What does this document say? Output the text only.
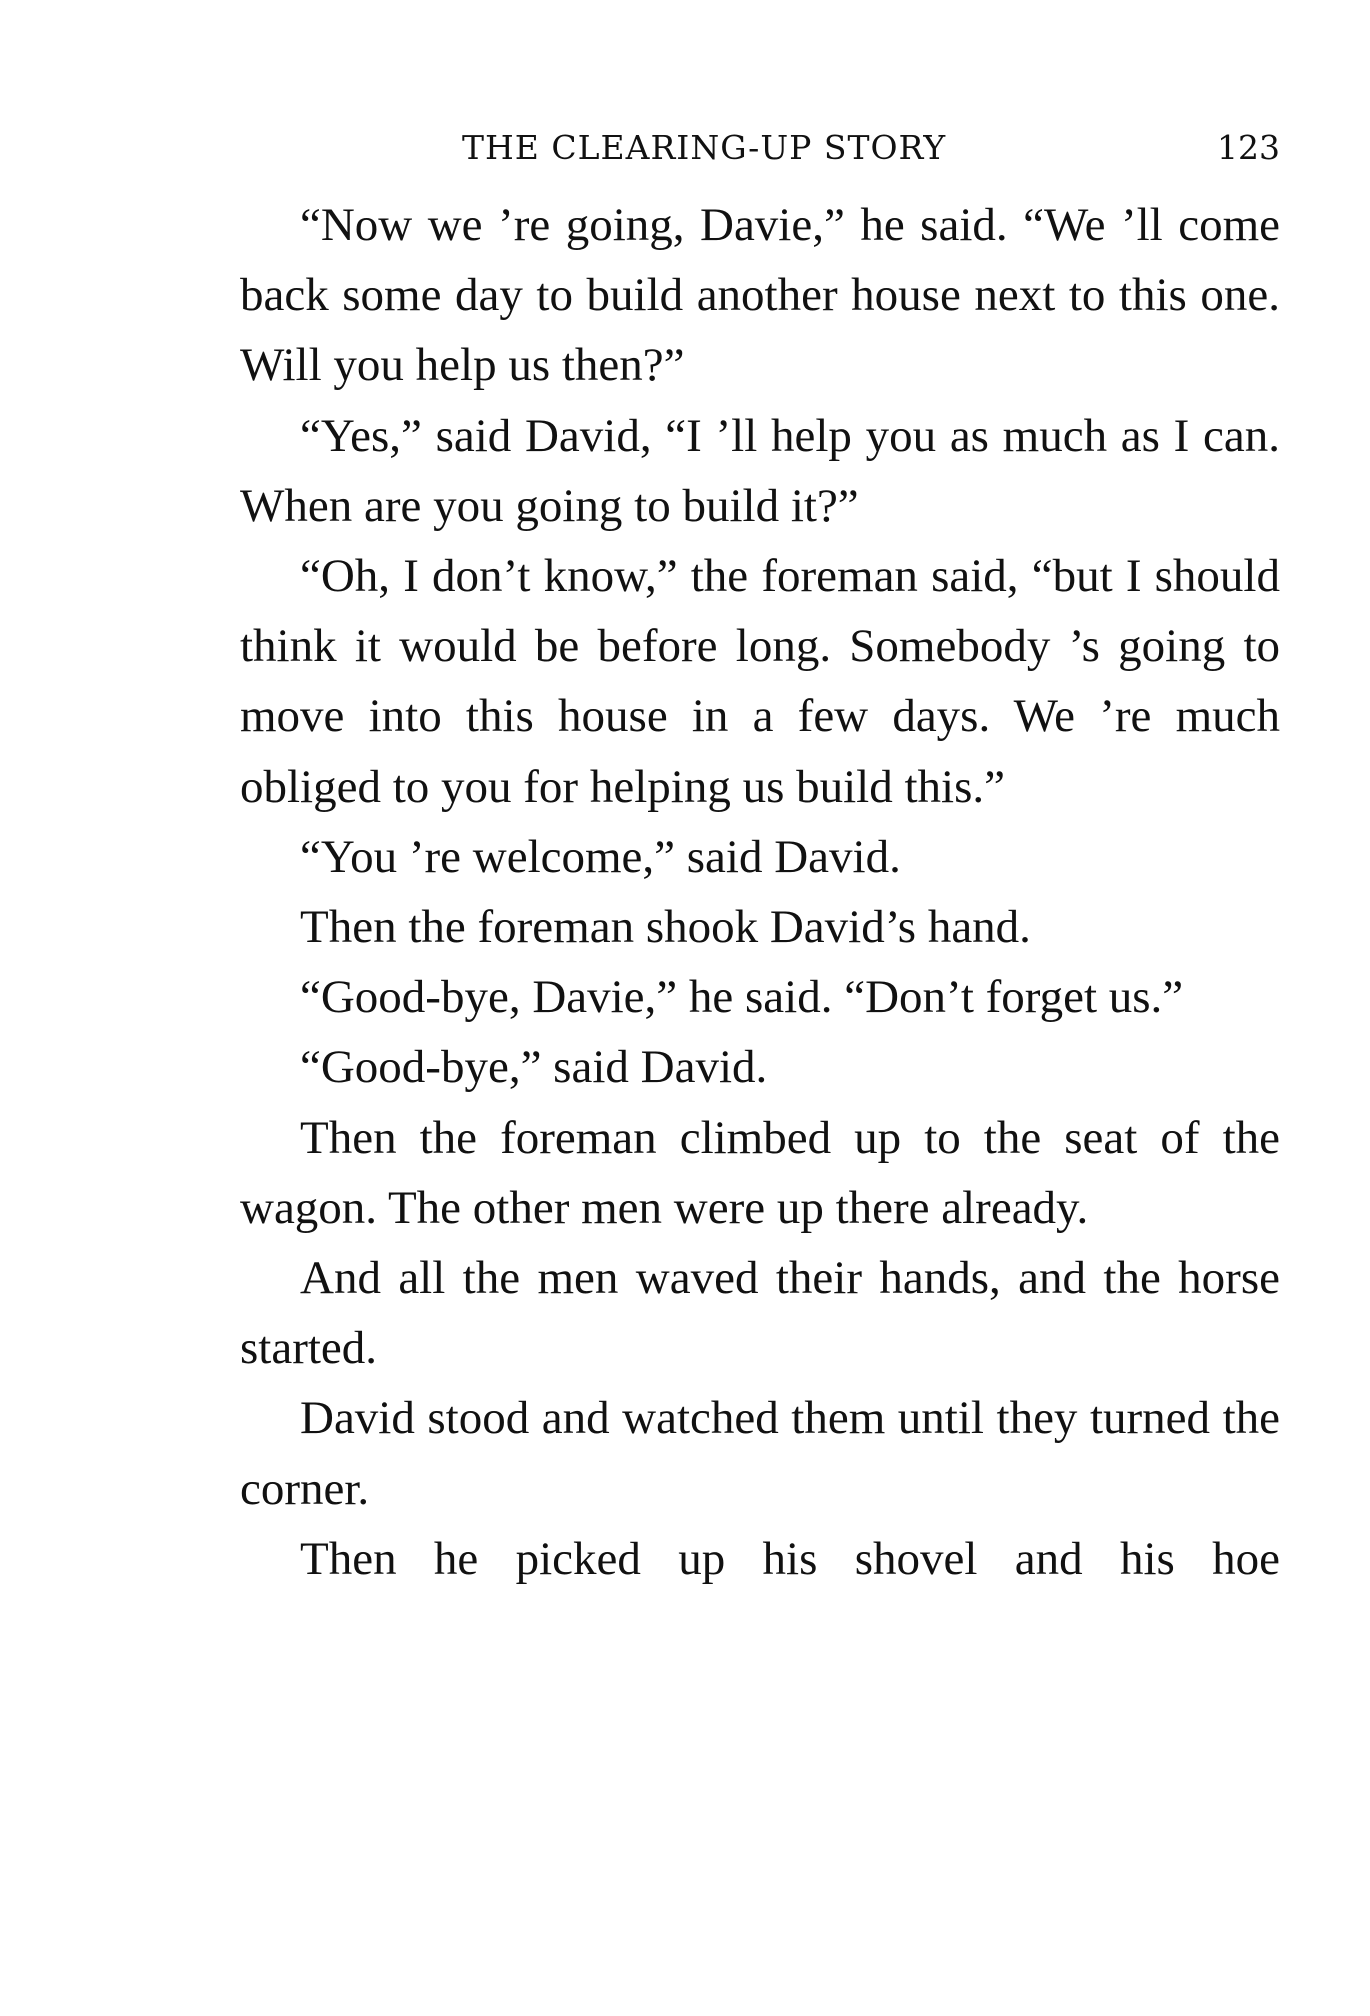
THE CLEARING-UP STORY	123

“Now we ’re going, Davie,” he said. “We ’ll come back some day to build another house next to this one. Will you help us then?”

“Yes,” said David, “I ’ll help you as much as I can. When are you going to build it?”

“Oh, I don’t know,” the foreman said, “but I should think it would be before long. Somebody ’s going to move into this house in a few days. We ’re much obliged to you for helping us build this.”

“You ’re welcome,” said David.

Then the foreman shook David’s hand.

“Good-bye, Davie,” he said. “Don’t forget us.”

“Good-bye,” said David.

Then the foreman climbed up to the seat of the wagon. The other men were up there already.

And all the men waved their hands, and the horse started.

David stood and watched them until they turned the corner.

Then he picked up his shovel and his hoe
